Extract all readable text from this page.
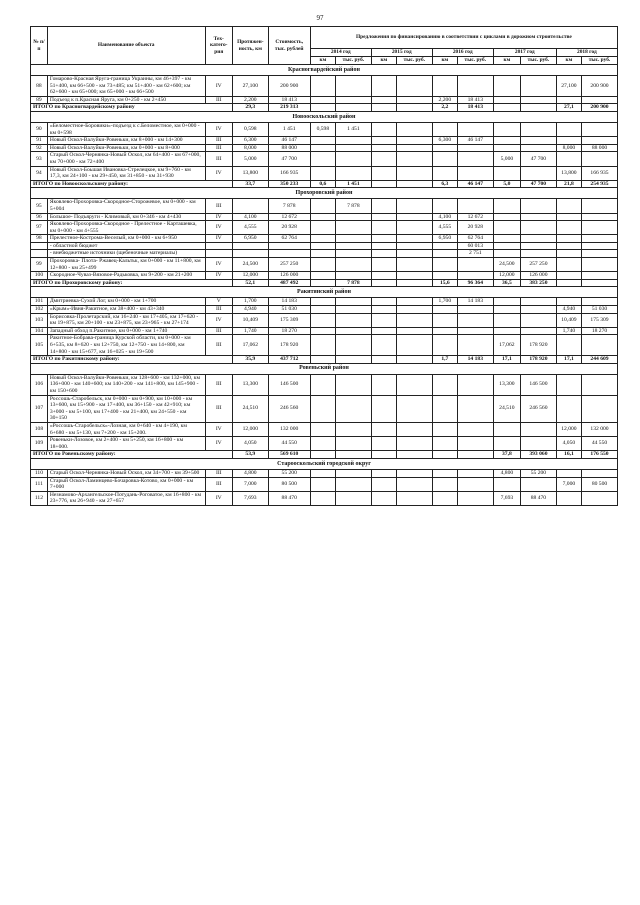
97
№ п/п	Наименование объекта	Тех- катего- рия	Протяжен- ность, км	Стоимость, тыс. рублей	Предложения по финансированию в соответствии с циклами в дорожном строительстве									
					2014 год		2015 год		2016 год		2017 год		2018 год	
					км	тыс. руб.	км	тыс. руб.	км	тыс. руб.	км	тыс. руб.	км	тыс. руб.
Красногвардейский район														
88	Гомарово-Красная Яруга-граница Украины, км 46+397 - км 51+400, км 66+500 - км 73+485; км 51+400 - км 62+600; км 62+600 - км 65+000; км 65+000 - км 66+500	IV	27,100	200 900									27,100	200 900
89	Подъезд к п.Красная Яруга, км 0+250 - км 2+450	III	2,200	18 413					2,200	18 413				
ИТОГО по Красногвардейскому району			29,3	219 313					2,2	18 413			27,1	200 900
Новооскольский район														
90	«Беломестное-Боровики»-подъезд к с.Беломестное, км 0+000 - км 0+598	IV	0,598	1 451	0,598	1 451								
91	Новый Оскол-Валуйки-Ровеньки, км 8+000 - км 14+300	III	6,300	46 147					6,300	46 147				
92	Новый Оскол-Валуйки-Ровеньки, км 0+000 - км 8+000	III	8,000	88 000									8,000	88 000
93	Старый Оскол-Чернянка-Новый Оскол, км 64+400 - км 67+000, км 70+000 - км 72+400	III	5,000	47 700							5,000	47 700		
94	Новый Оскол-Боьшая Ивановка-Стрелецкое, км 9+760 - км 17,3, км 24+100 - км 29+450, км 31+850 - км 31+930	IV	13,800	166 935									13,800	166 935
ИТОГО по Новооскольскому району:			33,7	350 233	0,6	1 451			6,3	46 147	5,0	47 700	21,8	254 935
Прохоровский район														
95	Яковлево-Прохоровка-Скородное-Сторожевое, км 0+000 - км 5+004	III		7 878		7 878								
96	Большое- Подъяруги - Климовый, км 0+346 - км 4+430	IV	4,100	12 672					4,100	12 672				
97	Яковлево-Прохоровка-Скородное - Прелестное - Карташевка, км 0+000 - км 4+555	IV	4,555	20 928					4,555	20 928				
98	Прелестное-Кострома-Веселый, км 0+000 - км 6+950	IV	6,950	62 764					6,950	62 764				
	- областной бюджет									60 013				
	- внебюджетные источники (щебеночные материалы)									2 751				
99	Прохоровка- Плота- Ржавец-Кальтьк, км 0+000 - км 11+800, км 12+800 - км 25+499	IV	24,500	257 250							24,500	257 250		
100	Скородное-Чуваз-Вязовое-Радьковка, км 9+200 - км 21+200	IV	12,000	126 000							12,000	126 000		
ИТОГО по Прохоровскому району:			52,1	487 492		7 878			15,6	96 364	36,5	383 250		
Ракитянский район														
101	Дмитриевка-Сухой Лог, км 0+000 - км 1+700	V	1,700	14 183					1,700	14 183				
102	«Крым»-Ивня-Ракитное, км 38+400 - км 43+340	III	4,940	51 030									4,940	51 030
103	Борисовка-Пролетарский, км 16+240 - км 17+405, км 17+620 - км 19+875, км 20+100 - км 23+875, км 23+965 - км 27+174	IV	10,409	175 309									10,409	175 309
104	Западный обход п.Ракитное, км 0+000 - км 1+740	III	1,740	18 270									1,740	18 270
105	Ракитное-Бобрава-граница Курской области, км 0+000 - км 6+535, км 8+620 - км 12+750, км 12+750 - км 14+800, км 14+800 - км 15+677, км 16+025 - км 19+500	III	17,062	178 920							17,062	178 920		
ИТОГО по Ракитянскому району:			35,9	437 712					1,7	14 183	17,1	178 920	17,1	244 609
Ровеньский район														
106	Новый Оскол-Валуйки-Ровеньки, км 128+600 - км 132+000, км 136+000 - км 140+600; км 140+200 - км 141+800, км 145+900 - км 150+600	III	13,300	146 500							13,300	146 500		
107	Россошь-Старобельск, км 0+000 - км 0+900, км 10+000 - км 13+600, км 15+900 - км 17+400, км 36+150 - км 42+910; км 3+000 - км 5+100, км 17+400 - км 21+400, км 24+550 - км 30+150	III	24,510	246 560							24,510	246 560		
108	«Россошь-Старобельск»-Лозная, км 0+640 - км 4+190, км 6+680 - км 5+130, км 7+200 - км 15+200.	IV	12,000	132 000									12,000	132 000
109	Ровеньки-Лозовое, км 2+400 - км 5+250, км 16+800 - км 18+000.	IV	4,050	44 550									4,050	44 550
ИТОГО по Ровеньскому району:			53,9	569 610							37,8	393 060	16,1	176 550
Старооскольский городской округ														
110	Старый Оскол-Чернянка-Новый Оскол, км 34+700 - км 39+500	III	4,800	55 200							4,800	55 200		
111	Старый Оскол-Ламинцево-Бочаровка-Котово, км 0+000 - км 7+000	III	7,000	80 500									7,000	80 500
112	Незнамово-Архангельское-Потудань-Роговатое, км 16+800 - км 23+776, км 26+940 - км 27+657	IV	7,693	88 470							7,693	88 470		
